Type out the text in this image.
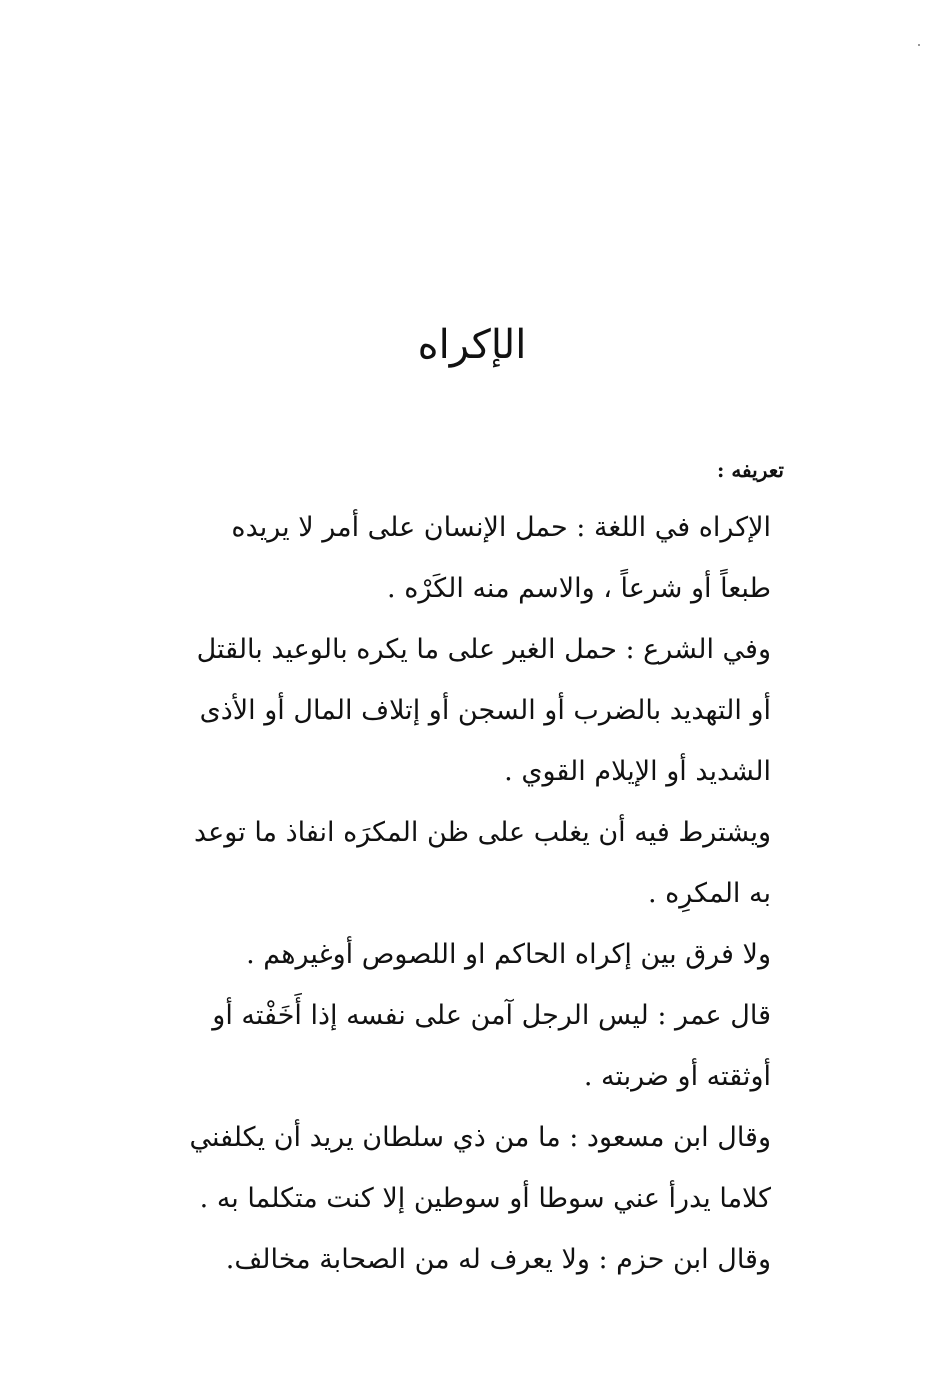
الإكراه
تعريفه :

الإكراه في اللغة : حمل الإنسان على أمر لا يريده
طبعاً أو شرعاً ، والاسم منه الكَرْه .

وفي الشرع : حمل الغير على ما يكره بالوعيد بالقتل
أو التهديد بالضرب أو السجن أو إتلاف المال أو الأذى
الشديد أو الإيلام القوي .

ويشترط فيه أن يغلب على ظن المكرَه انفاذ ما توعد
به المكرِه .

ولا فرق بين إكراه الحاكم او اللصوص أوغيرهم .

قال عمر : ليس الرجل آمن على نفسه إذا أَخَفْته أو
أوثقته أو ضربته .

وقال ابن مسعود : ما من ذي سلطان يريد أن يكلفني
كلاما يدرأ عني سوطا أو سوطين إلا كنت متكلما به .

وقال ابن حزم : ولا يعرف له من الصحابة مخالف.
